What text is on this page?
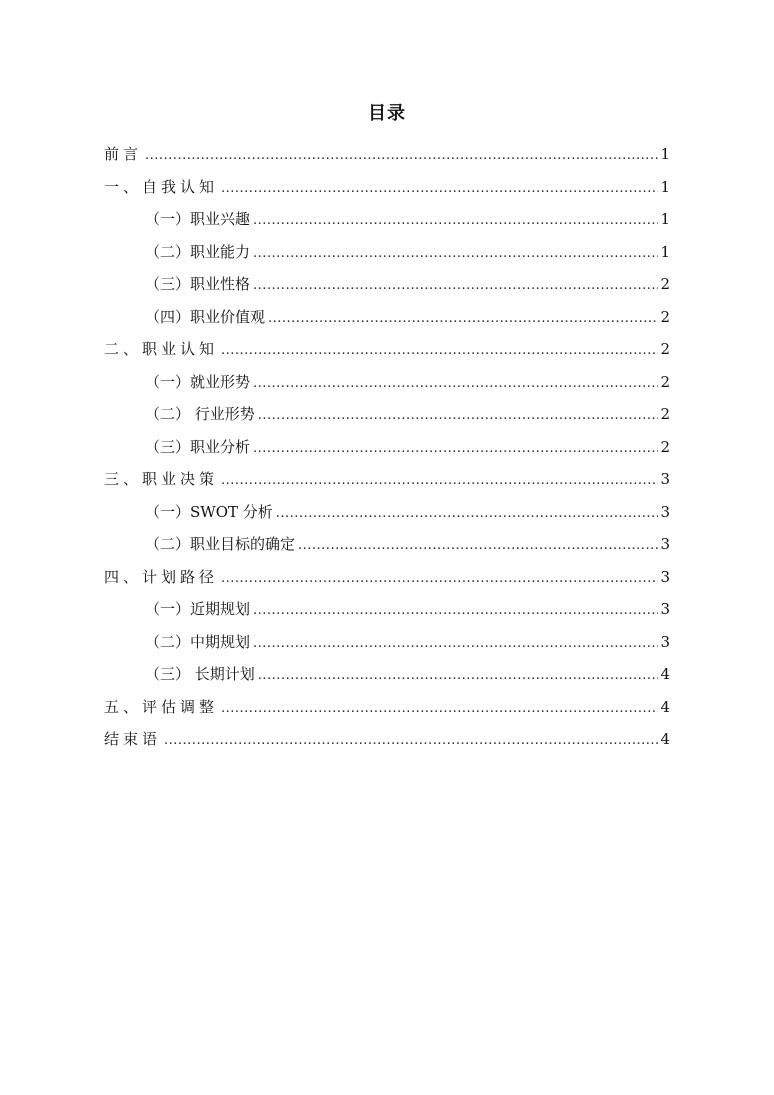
目录
前言 .....	1
一、自我认知 .....	1
（一）职业兴趣 .....	1
（二）职业能力 .....	1
（三）职业性格 .....	2
（四）职业价值观 .....	2
二、职业认知 .....	2
（一）就业形势 .....	2
（二） 行业形势 .....	2
（三）职业分析 .....	2
三、职业决策 .....	3
（一）SWOT 分析 .....	3
（二）职业目标的确定 .....	3
四、计划路径 .....	3
（一）近期规划 .....	3
（二）中期规划 .....	3
（三） 长期计划 .....	4
五、评估调整 .....	4
结束语 .....	4
